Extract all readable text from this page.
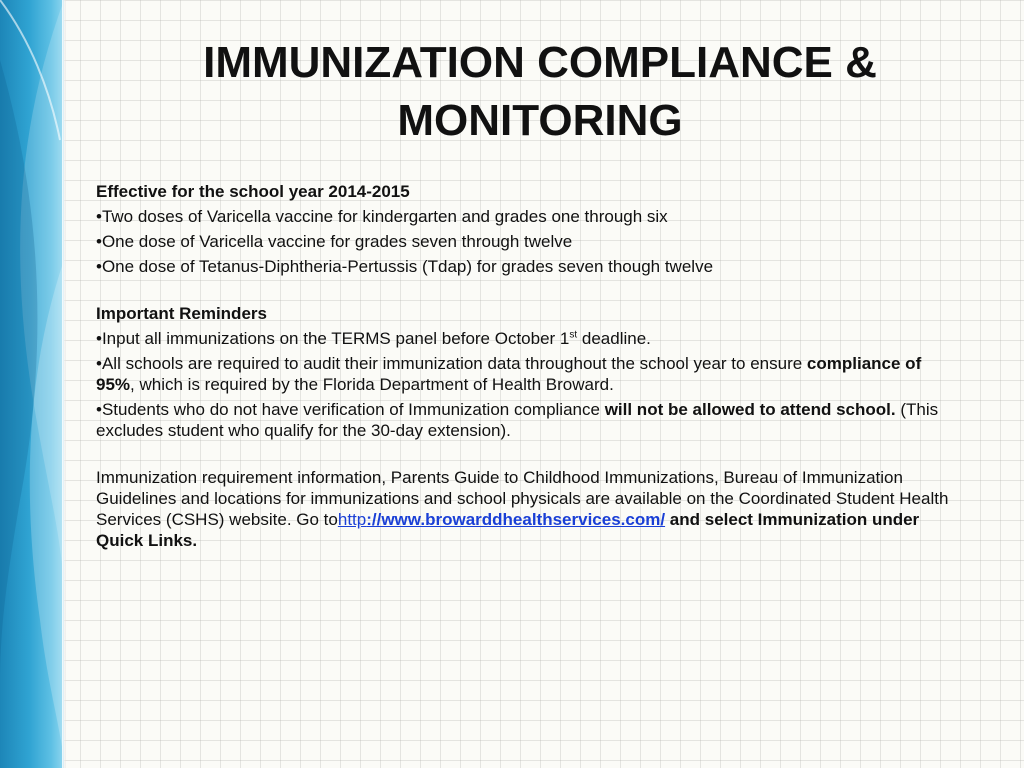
IMMUNIZATION COMPLIANCE &
MONITORING

Effective for the school year 2014-2015

•Two doses of Varicella vaccine for kindergarten and grades one through six

•One dose of Varicella vaccine for grades seven through twelve

•One dose of Tetanus-Diphtheria-Pertussis (Tdap) for grades seven though twelve

Important Reminders

•Input all immunizations on the TERMS panel before October 1st deadline.

•All schools are required to audit their immunization data throughout the school year to ensure compliance of 95%, which is required by the Florida Department of Health Broward.

•Students who do not have verification of Immunization compliance will not be allowed to attend school. (This excludes student who qualify for the 30-day extension).

Immunization requirement information, Parents Guide to Childhood Immunizations, Bureau of Immunization Guidelines and locations for immunizations and school physicals are available on the Coordinated Student Health Services (CSHS) website. Go tohttp://www.browarddhealthservices.com/ and select Immunization under Quick Links.
